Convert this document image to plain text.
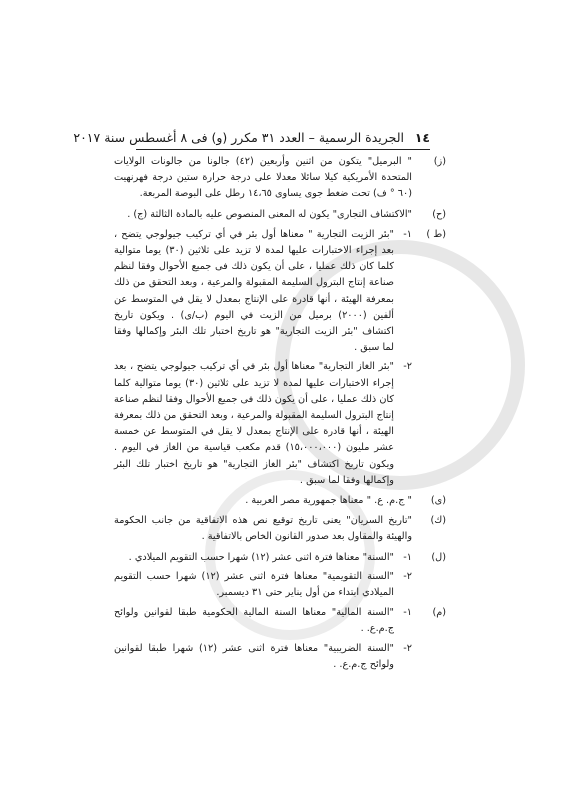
١٤
الجريدة الرسمية – العدد ٣١ مكرر (و) فى ٨ أغسطس سنة ٢٠١٧
(ز)

" البرميل" يتكون من اثنين وأربعين (٤٢) جالونا من جالونات الولايات المتحدة الأمريكية كيلا سائلا معدلا على درجة حرارة ستين درجة فهرنهيت (٦٠ ° ف) تحت ضغط جوى يساوى ١٤،٦٥ رطل على البوصة المربعة.

(ح)

"الاكتشاف التجارى" يكون له المعنى المنصوص عليه بالمادة الثالثة (ج) .

(ط )
١-

"بئر الزيت التجارية " معناها أول بئر في أي تركيب جيولوجي يتضح ، بعد إجراء الاختبارات عليها لمدة لا تزيد على ثلاثين (٣٠) يوما متوالية كلما كان ذلك عمليا ، على أن يكون ذلك فى جميع الأحوال وفقا لنظم صناعة إنتاج البترول السليمة المقبولة والمرعية ، وبعد التحقق من ذلك بمعرفة الهيئة ، أنها قادرة على الإنتاج بمعدل لا يقل في المتوسط عن ألفين (٢٠٠٠) برميل من الزيت في اليوم (ب/ى) . ويكون تاريخ اكتشاف "بئر الزيت التجارية" هو تاريخ اختبار تلك البئر وإكمالها وفقا لما سبق .

٢-

"بئر الغاز التجارية" معناها أول بئر في أي تركيب جيولوجي يتضح ، بعد إجراء الاختبارات عليها لمدة لا تزيد على ثلاثين (٣٠) يوما متوالية كلما كان ذلك عمليا ، على أن يكون ذلك فى جميع الأحوال وفقا لنظم صناعة إنتاج البترول السليمة المقبولة والمرعية ، وبعد التحقق من ذلك بمعرفة الهيئة ، أنها قادرة على الإنتاج بمعدل لا يقل في المتوسط عن خمسة عشر مليون (١٥،٠٠٠،٠٠٠) قدم مكعب قياسية من الغاز في اليوم . ويكون تاريخ اكتشاف "بئر الغاز التجارية" هو تاريخ اختبار تلك البئر وإكمالها وفقا لما سبق .

(ى)

" ج.م. ع. " معناها جمهورية مصر العربية .

(ك)

"تاريخ السريان" يعنى تاريخ توقيع نص هذه الاتفاقية من جانب الحكومة والهيئة والمقاول بعد صدور القانون الخاص بالاتفاقية .

(ل)
١-

"السنة" معناها فترة اثنى عشر (١٢) شهرا حسب التقويم الميلادي .

٢-

"السنة التقويمية" معناها فترة اثنى عشر (١٢) شهرا حسب التقويم الميلادي ابتداء من أول يناير حتى ٣١ ديسمبر.

(م)
١-

"السنة المالية" معناها السنة المالية الحكومية طبقا لقوانين ولوائح ج.م.ع. .

٢-

"السنة الضريبية" معناها فترة اثنى عشر (١٢) شهرا طبقا لقوانين ولوائح ج.م.ع. .
